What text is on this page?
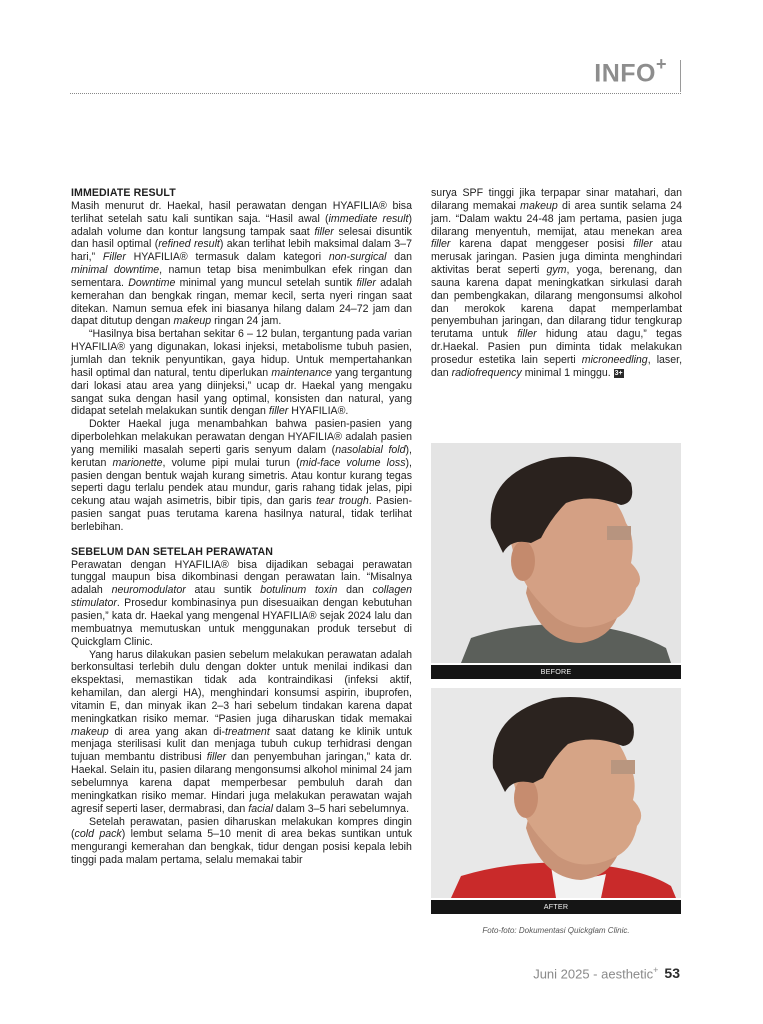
INFO+
IMMEDIATE RESULT

Masih menurut dr. Haekal, hasil perawatan dengan HYAFILIA® bisa terlihat setelah satu kali suntikan saja. “Hasil awal (immediate result) adalah volume dan kontur langsung tampak saat filler selesai disuntik dan hasil optimal (refined result) akan terlihat lebih maksimal dalam 3–7 hari,” Filler HYAFILIA® termasuk dalam kategori non-surgical dan minimal downtime, namun tetap bisa menimbulkan efek ringan dan sementara. Downtime minimal yang muncul setelah suntik filler adalah kemerahan dan bengkak ringan, memar kecil, serta nyeri ringan saat ditekan. Namun semua efek ini biasanya hilang dalam 24–72 jam dan dapat ditutup dengan makeup ringan 24 jam.

“Hasilnya bisa bertahan sekitar 6 – 12 bulan, tergantung pada varian HYAFILIA® yang digunakan, lokasi injeksi, metabolisme tubuh pasien, jumlah dan teknik penyuntikan, gaya hidup. Untuk mempertahankan hasil optimal dan natural, tentu diperlukan maintenance yang tergantung dari lokasi atau area yang diinjeksi,” ucap dr. Haekal yang mengaku sangat suka dengan hasil yang optimal, konsisten dan natural, yang didapat setelah melakukan suntik dengan filler HYAFILIA®.

Dokter Haekal juga menambahkan bahwa pasien-pasien yang diperbolehkan melakukan perawatan dengan HYAFILIA® adalah pasien yang memiliki masalah seperti garis senyum dalam (nasolabial fold), kerutan marionette, volume pipi mulai turun (mid-face volume loss), pasien dengan bentuk wajah kurang simetris. Atau kontur kurang tegas seperti dagu terlalu pendek atau mundur, garis rahang tidak jelas, pipi cekung atau wajah asimetris, bibir tipis, dan garis tear trough. Pasien-pasien sangat puas terutama karena hasilnya natural, tidak terlihat berlebihan.

SEBELUM DAN SETELAH PERAWATAN

Perawatan dengan HYAFILIA® bisa dijadikan sebagai perawatan tunggal maupun bisa dikombinasi dengan perawatan lain. “Misalnya adalah neuromodulator atau suntik botulinum toxin dan collagen stimulator. Prosedur kombinasinya pun disesuaikan dengan kebutuhan pasien,” kata dr. Haekal yang mengenal HYAFILIA® sejak 2024 lalu dan membuatnya memutuskan untuk menggunakan produk tersebut di Quickglam Clinic.

Yang harus dilakukan pasien sebelum melakukan perawatan adalah berkonsultasi terlebih dulu dengan dokter untuk menilai indikasi dan ekspektasi, memastikan tidak ada kontraindikasi (infeksi aktif, kehamilan, dan alergi HA), menghindari konsumsi aspirin, ibuprofen, vitamin E, dan minyak ikan 2–3 hari sebelum tindakan karena dapat meningkatkan risiko memar. “Pasien juga diharuskan tidak memakai makeup di area yang akan di-treatment saat datang ke klinik untuk menjaga sterilisasi kulit dan menjaga tubuh cukup terhidrasi dengan tujuan membantu distribusi filler dan penyembuhan jaringan,” kata dr. Haekal. Selain itu, pasien dilarang mengonsumsi alkohol minimal 24 jam sebelumnya karena dapat memperbesar pembuluh darah dan meningkatkan risiko memar. Hindari juga melakukan perawatan wajah agresif seperti laser, dermabrasi, dan facial dalam 3–5 hari sebelumnya.

Setelah perawatan, pasien diharuskan melakukan kompres dingin (cold pack) lembut selama 5–10 menit di area bekas suntikan untuk mengurangi kemerahan dan bengkak, tidur dengan posisi kepala lebih tinggi pada malam pertama, selalu memakai tabir

surya SPF tinggi jika terpapar sinar matahari, dan dilarang memakai makeup di area suntik selama 24 jam. “Dalam waktu 24-48 jam pertama, pasien juga dilarang menyentuh, memijat, atau menekan area filler karena dapat menggeser posisi filler atau merusak jaringan. Pasien juga diminta menghindari aktivitas berat seperti gym, yoga, berenang, dan sauna karena dapat meningkatkan sirkulasi darah dan pembengkakan, dilarang mengonsumsi alkohol dan merokok karena dapat memperlambat penyembuhan jaringan, dan dilarang tidur tengkurap terutama untuk filler hidung atau dagu,” tegas dr.Haekal. Pasien pun diminta tidak melakukan prosedur estetika lain seperti microneedling, laser, dan radiofrequency minimal 1 minggu. 3+

BEFORE
AFTER
Foto-foto: Dokumentasi Quickglam Clinic.
Juni 2025 - aesthetic+ 53
